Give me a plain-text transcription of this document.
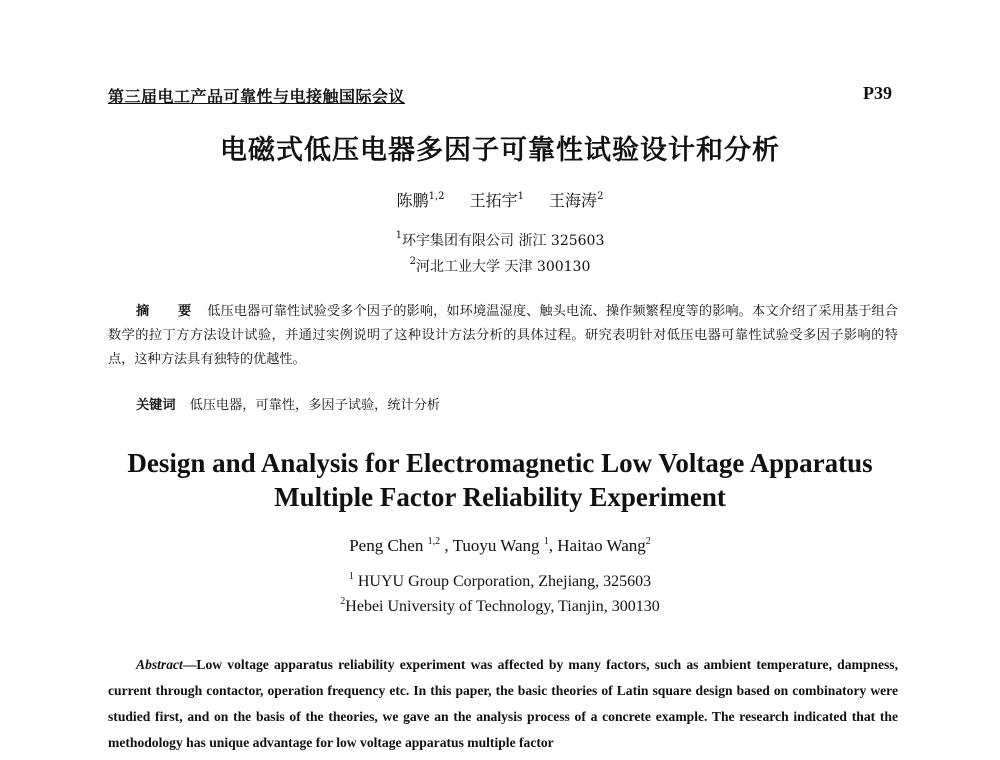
第三届电工产品可靠性与电接触国际会议	P39
电磁式低压电器多因子可靠性试验设计和分析
陈鹏$^{1,2}$ 王拓宇$^1$ 王海涛$^2$
$^1$环宇集团有限公司 浙江 325603
$^2$河北工业大学 天津 300130
摘 要 低压电器可靠性试验受多个因子的影响，如环境温湿度、触头电流、操作频繁程度等的影响。本文介绍了采用基于组合数学的拉丁方方法设计试验，并通过实例说明了这种设计方法分析的具体过程。研究表明针对低压电器可靠性试验受多因子影响的特点，这种方法具有独特的优越性。
关键词 低压电器，可靠性，多因子试验，统计分析
Design and Analysis for Electromagnetic Low Voltage Apparatus
Multiple Factor Reliability Experiment
Peng Chen $^{1,2}$ , Tuoyu Wang $^1$, Haitao Wang$^2$
$^1$ HUYU Group Corporation, Zhejiang, 325603
$^2$Hebei University of Technology, Tianjin, 300130
Abstract—Low voltage apparatus reliability experiment was affected by many factors, such as ambient temperature, dampness, current through contactor, operation frequency etc. In this paper, the basic theories of Latin square design based on combinatory were studied first, and on the basis of the theories, we gave an the analysis process of a concrete example. The research indicated that the methodology has unique advantage for low voltage apparatus multiple factor
